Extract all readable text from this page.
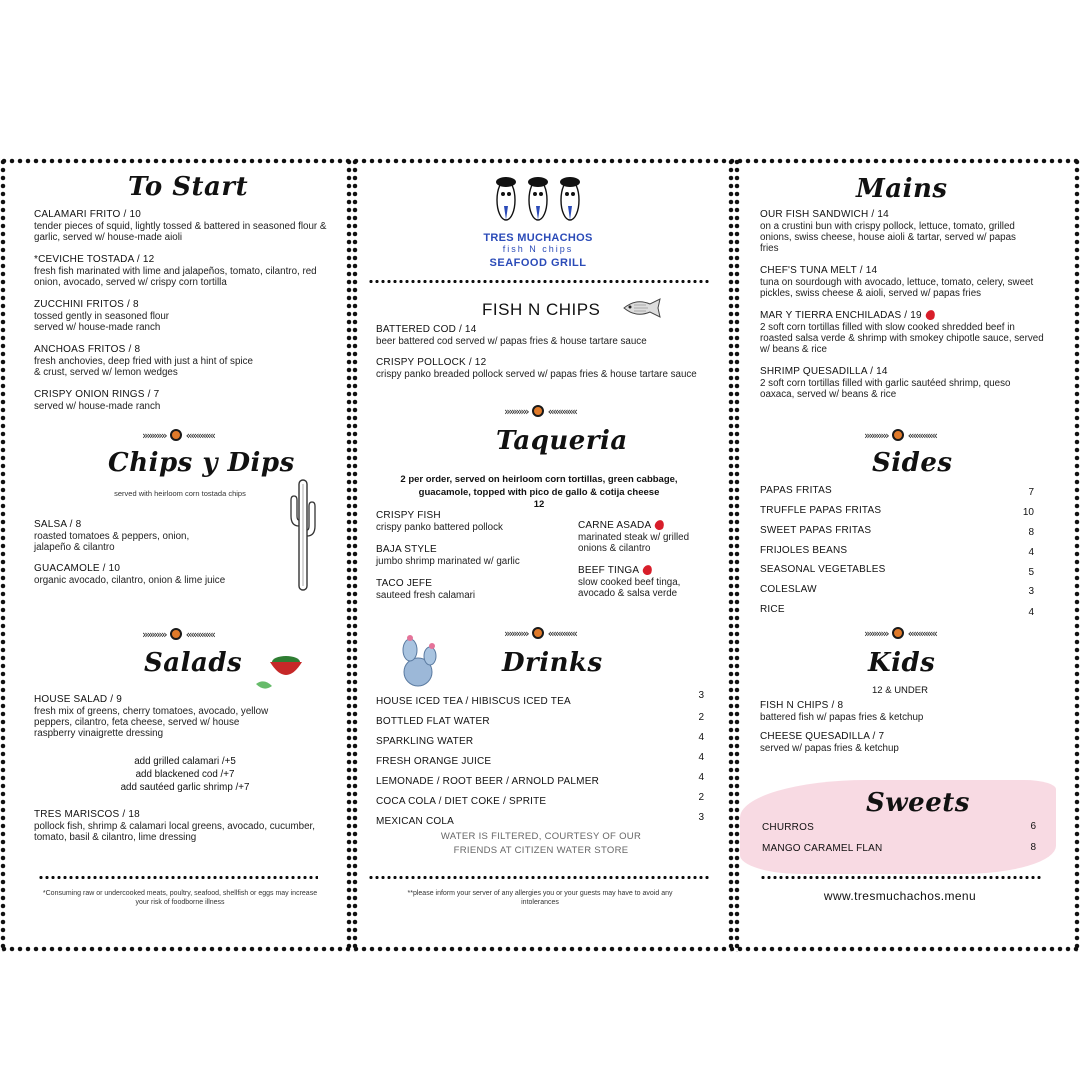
To Start
CALAMARI FRITO / 10
tender pieces of squid, lightly tossed & battered in seasoned flour & garlic, served w/ house-made aioli
*CEVICHE TOSTADA / 12
fresh fish marinated with lime and jalapeños, tomato, cilantro, red onion, avocado, served w/ crispy corn tortilla
ZUCCHINI FRITOS / 8
tossed gently in seasoned flour served w/ house-made ranch
ANCHOAS FRITOS / 8
fresh anchovies, deep fried with just a hint of spice & crust, served w/ lemon wedges
CRISPY ONION RINGS / 7
served w/ house-made ranch
»»»»» ««««««
Chips y Dips
served with heirloom corn tostada chips
SALSA / 8
roasted tomatoes & peppers, onion, jalapeño & cilantro
GUACAMOLE / 10
organic avocado, cilantro, onion & lime juice
»»»»» ««««««
Salads
HOUSE SALAD / 9
fresh mix of greens, cherry tomatoes, avocado, yellow peppers, cilantro, feta cheese, served w/ house raspberry vinaigrette dressing
add grilled calamari /+5
add blackened cod /+7
add sautéed garlic shrimp /+7
TRES MARISCOS / 18
pollock fish, shrimp & calamari local greens, avocado, cucumber, tomato, basil & cilantro, lime dressing
*Consuming raw or undercooked meats, poultry, seafood, shellfish or eggs may increase your risk of foodborne illness
TRES MUCHACHOS
fish N chips
SEAFOOD GRILL
FISH N CHIPS
BATTERED COD / 14
beer battered cod served w/ papas fries & house tartare sauce
CRISPY POLLOCK / 12
crispy panko breaded pollock served w/ papas fries & house tartare sauce
»»»»» ««««««
Taqueria
2 per order, served on heirloom corn tortillas, green cabbage, guacamole, topped with pico de gallo & cotija cheese
12
CRISPY FISH
crispy panko battered pollock
BAJA STYLE
jumbo shrimp marinated w/ garlic
TACO JEFE
sauteed fresh calamari
CARNE ASADA
marinated steak w/ grilled onions & cilantro
BEEF TINGA
slow cooked beef tinga, avocado & salsa verde
»»»»» ««««««
Drinks
HOUSE ICED TEA / HIBISCUS ICED TEA
3
BOTTLED FLAT WATER	2
SPARKLING WATER	4
FRESH ORANGE JUICE	4
LEMONADE / ROOT BEER / ARNOLD PALMER	4
COCA COLA / DIET COKE / SPRITE	2
MEXICAN COLA	3
WATER IS FILTERED, COURTESY OF OUR
FRIENDS AT CITIZEN WATER STORE
**please inform your server of any allergies you or your guests may have to avoid any intolerances
Mains
OUR FISH SANDWICH / 14
on a crustini bun with crispy pollock, lettuce, tomato, grilled onions, swiss cheese, house aioli & tartar, served w/ papas fries
CHEF'S TUNA MELT / 14
tuna on sourdough with avocado, lettuce, tomato, celery, sweet pickles, swiss cheese & aioli, served w/ papas fries
MAR Y TIERRA ENCHILADAS / 19
2 soft corn tortillas filled with slow cooked shredded beef in roasted salsa verde & shrimp with smokey chipotle sauce, served w/ beans & rice
SHRIMP QUESADILLA / 14
2 soft corn tortillas filled with garlic sautéed shrimp, queso oaxaca, served w/ beans & rice
»»»»» ««««««
Sides
PAPAS FRITAS	7
TRUFFLE PAPAS FRITAS	10
SWEET PAPAS FRITAS	8
FRIJOLES BEANS	4
SEASONAL VEGETABLES	5
COLESLAW	3
RICE	4
»»»»» ««««««
Kids
12 & UNDER
FISH N CHIPS / 8
battered fish w/ papas fries & ketchup
CHEESE QUESADILLA / 7
served w/ papas fries & ketchup
Sweets
CHURROS	6
MANGO CARAMEL FLAN	8
www.tresmuchachos.menu
